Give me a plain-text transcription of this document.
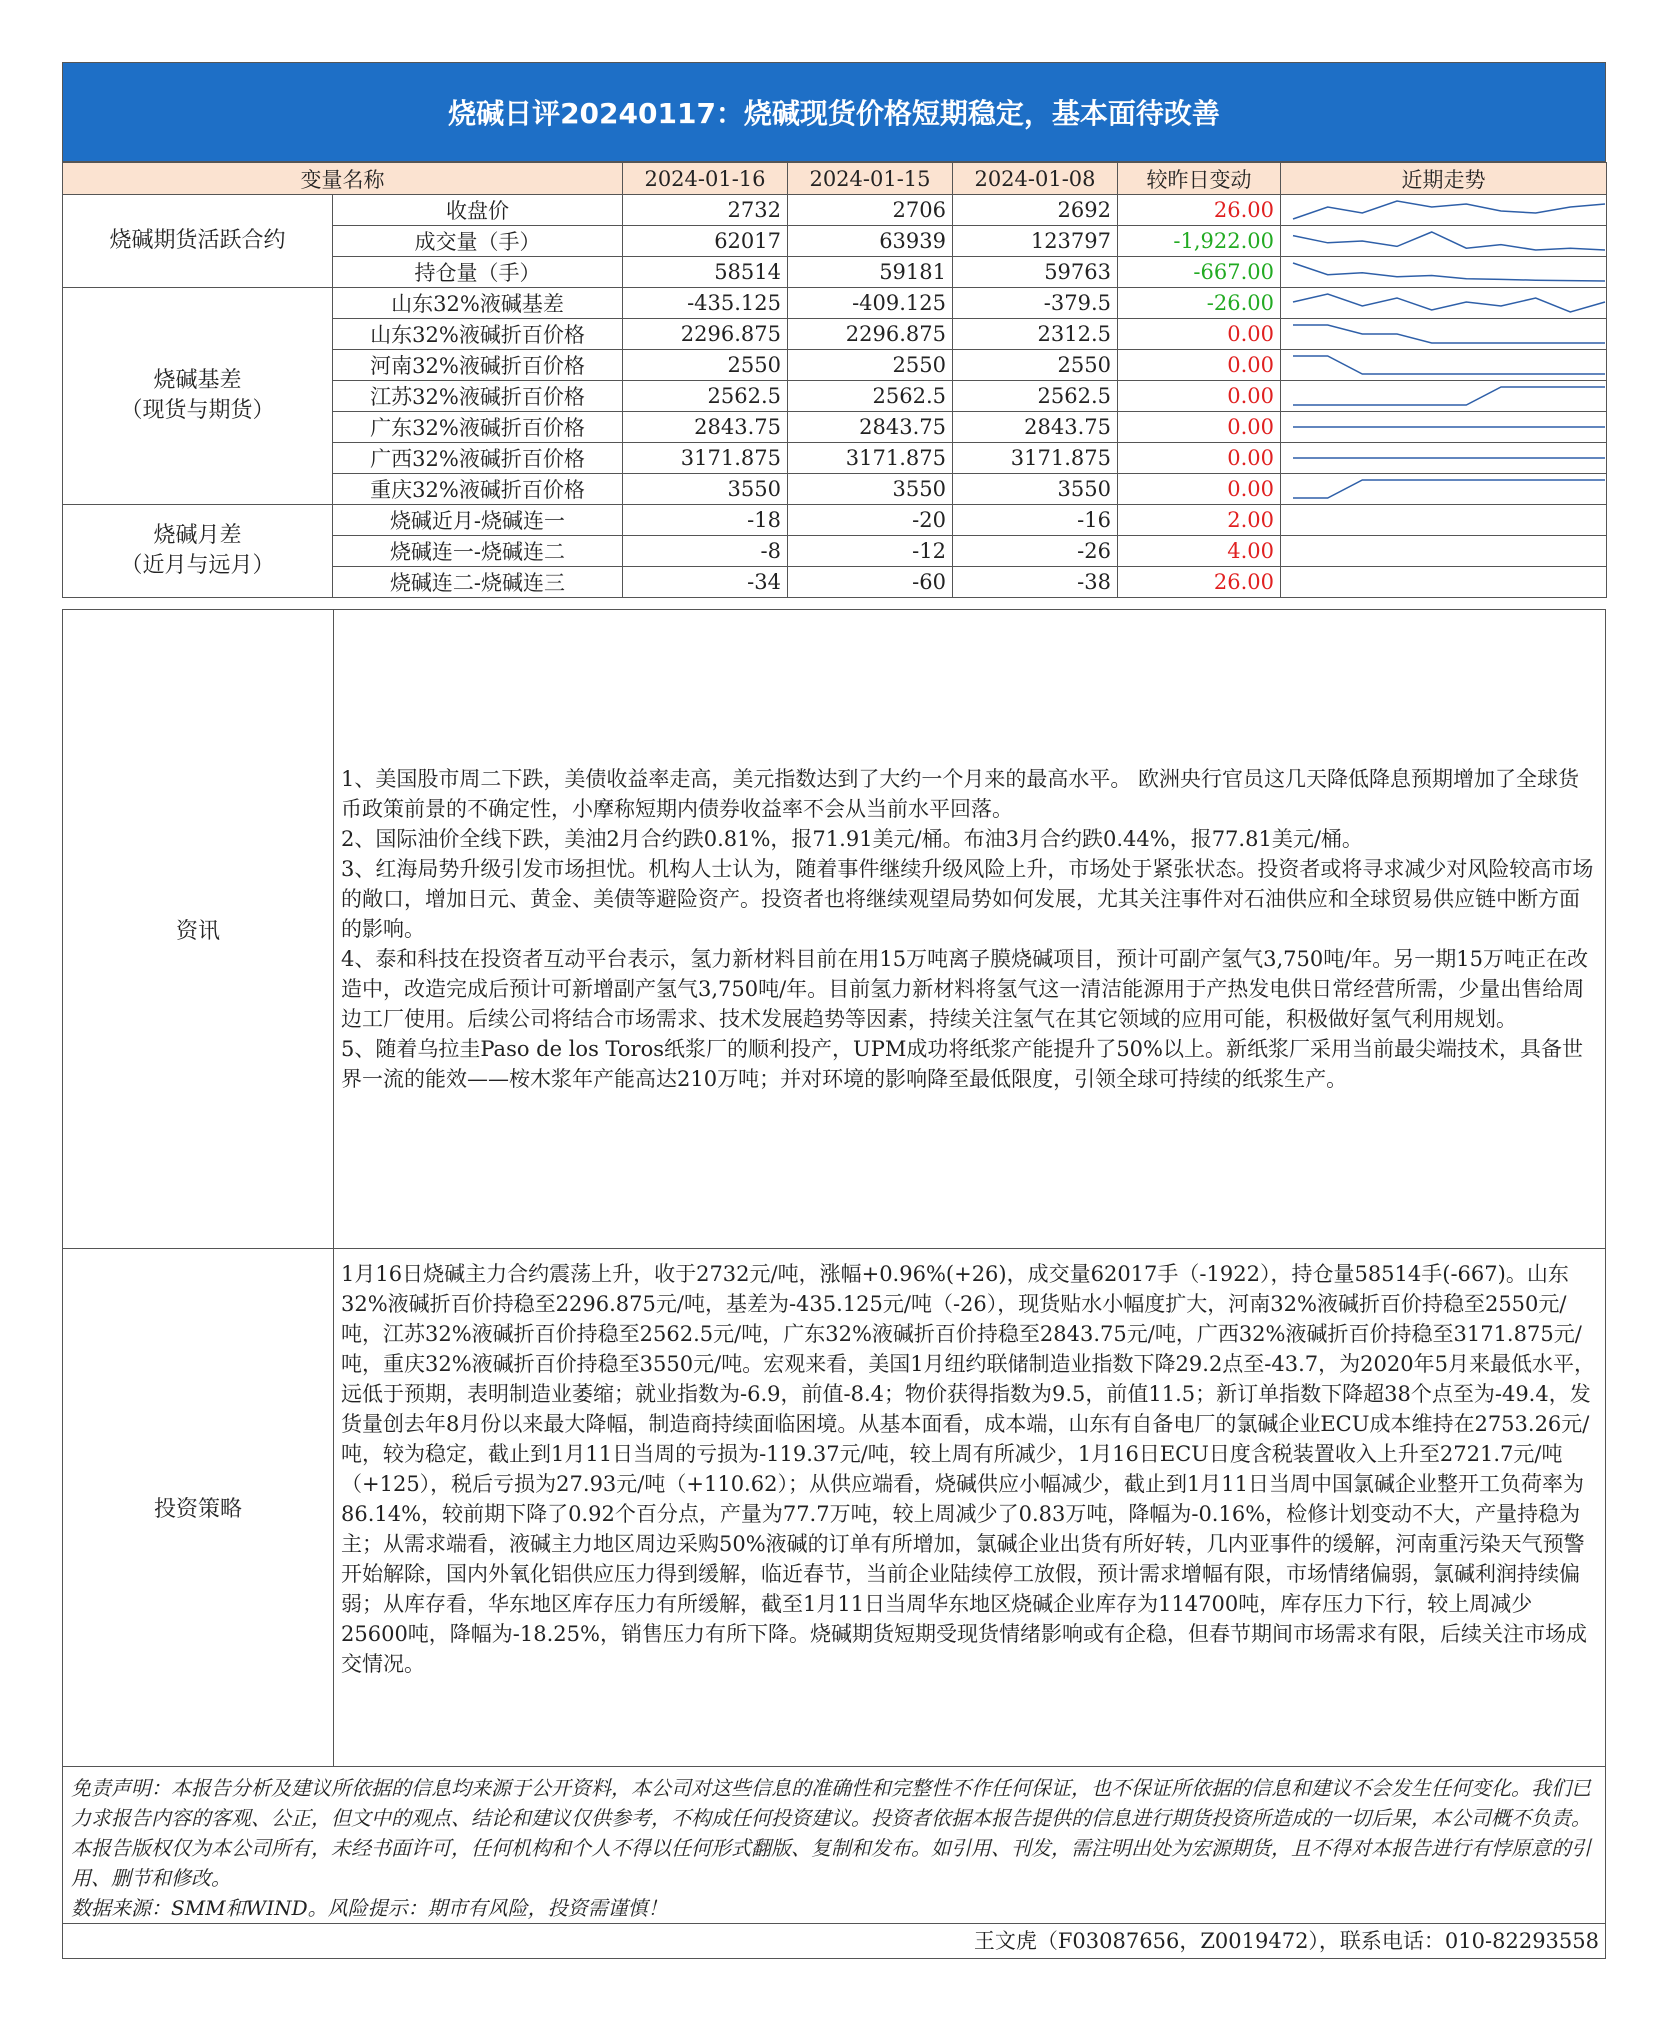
烧碱日评20240117：烧碱现货价格短期稳定，基本面待改善
变量名称		2024-01-16	2024-01-15	2024-01-08	较昨日变动	近期走势
烧碱期货活跃合约	收盘价	2732	2706	2692	26.00	

	成交量（手）	62017	63939	123797	-1,922.00	

	持仓量（手）	58514	59181	59763	-667.00	

烧碱基差
（现货与期货）	山东32%液碱基差	-435.125	-409.125	-379.5	-26.00	

	山东32%液碱折百价格	2296.875	2296.875	2312.5	0.00	

	河南32%液碱折百价格	2550	2550	2550	0.00	

	江苏32%液碱折百价格	2562.5	2562.5	2562.5	0.00	

	广东32%液碱折百价格	2843.75	2843.75	2843.75	0.00	

	广西32%液碱折百价格	3171.875	3171.875	3171.875	0.00	

	重庆32%液碱折百价格	3550	3550	3550	0.00	

烧碱月差
（近月与远月）	烧碱近月-烧碱连一	-18	-20	-16	2.00	
	烧碱连一-烧碱连二	-8	-12	-26	4.00	
	烧碱连二-烧碱连三	-34	-60	-38	26.00	
资讯

1、美国股市周二下跌，美债收益率走高，美元指数达到了大约一个月来的最高水平。 欧洲央行官员这几天降低降息预期增加了全球货币政策前景的不确定性，小摩称短期内债券收益率不会从当前水平回落。

2、国际油价全线下跌，美油2月合约跌0.81%，报71.91美元/桶。布油3月合约跌0.44%，报77.81美元/桶。

3、红海局势升级引发市场担忧。机构人士认为，随着事件继续升级风险上升，市场处于紧张状态。投资者或将寻求减少对风险较高市场的敞口，增加日元、黄金、美债等避险资产。投资者也将继续观望局势如何发展，尤其关注事件对石油供应和全球贸易供应链中断方面的影响。

4、泰和科技在投资者互动平台表示，氢力新材料目前在用15万吨离子膜烧碱项目，预计可副产氢气3,750吨/年。另一期15万吨正在改造中，改造完成后预计可新增副产氢气3,750吨/年。目前氢力新材料将氢气这一清洁能源用于产热发电供日常经营所需，少量出售给周边工厂使用。后续公司将结合市场需求、技术发展趋势等因素，持续关注氢气在其它领域的应用可能，积极做好氢气利用规划。

5、随着乌拉圭Paso de los Toros纸浆厂的顺利投产，UPM成功将纸浆产能提升了50%以上。新纸浆厂采用当前最尖端技术，具备世界一流的能效——桉木浆年产能高达210万吨；并对环境的影响降至最低限度，引领全球可持续的纸浆生产。

投资策略

1月16日烧碱主力合约震荡上升，收于2732元/吨，涨幅+0.96%(+26)，成交量62017手（-1922），持仓量58514手(-667)。山东32%液碱折百价持稳至2296.875元/吨，基差为-435.125元/吨（-26），现货贴水小幅度扩大，河南32%液碱折百价持稳至2550元/吨，江苏32%液碱折百价持稳至2562.5元/吨，广东32%液碱折百价持稳至2843.75元/吨，广西32%液碱折百价持稳至3171.875元/吨，重庆32%液碱折百价持稳至3550元/吨。宏观来看，美国1月纽约联储制造业指数下降29.2点至-43.7，为2020年5月来最低水平，远低于预期，表明制造业萎缩；就业指数为-6.9，前值-8.4；物价获得指数为9.5，前值11.5；新订单指数下降超38个点至为-49.4，发货量创去年8月份以来最大降幅，制造商持续面临困境。从基本面看，成本端，山东有自备电厂的氯碱企业ECU成本维持在2753.26元/吨，较为稳定，截止到1月11日当周的亏损为-119.37元/吨，较上周有所减少，1月16日ECU日度含税装置收入上升至2721.7元/吨（+125），税后亏损为27.93元/吨（+110.62）；从供应端看，烧碱供应小幅减少，截止到1月11日当周中国氯碱企业整开工负荷率为86.14%，较前期下降了0.92个百分点，产量为77.7万吨，较上周减少了0.83万吨，降幅为-0.16%，检修计划变动不大，产量持稳为主；从需求端看，液碱主力地区周边采购50%液碱的订单有所增加，氯碱企业出货有所好转，几内亚事件的缓解，河南重污染天气预警开始解除，国内外氧化铝供应压力得到缓解，临近春节，当前企业陆续停工放假，预计需求增幅有限，市场情绪偏弱，氯碱利润持续偏弱；从库存看，华东地区库存压力有所缓解，截至1月11日当周华东地区烧碱企业库存为114700吨，库存压力下行，较上周减少25600吨，降幅为-18.25%，销售压力有所下降。烧碱期货短期受现货情绪影响或有企稳，但春节期间市场需求有限，后续关注市场成交情况。

免责声明：本报告分析及建议所依据的信息均来源于公开资料，本公司对这些信息的准确性和完整性不作任何保证，也不保证所依据的信息和建议不会发生任何变化。我们已力求报告内容的客观、公正，但文中的观点、结论和建议仅供参考，不构成任何投资建议。投资者依据本报告提供的信息进行期货投资所造成的一切后果，本公司概不负责。本报告版权仅为本公司所有，未经书面许可，任何机构和个人不得以任何形式翻版、复制和发布。如引用、刊发，需注明出处为宏源期货，且不得对本报告进行有悖原意的引用、删节和修改。
数据来源：SMM和WIND。风险提示：期市有风险，投资需谨慎！
王文虎（F03087656，Z0019472），联系电话：010-82293558
